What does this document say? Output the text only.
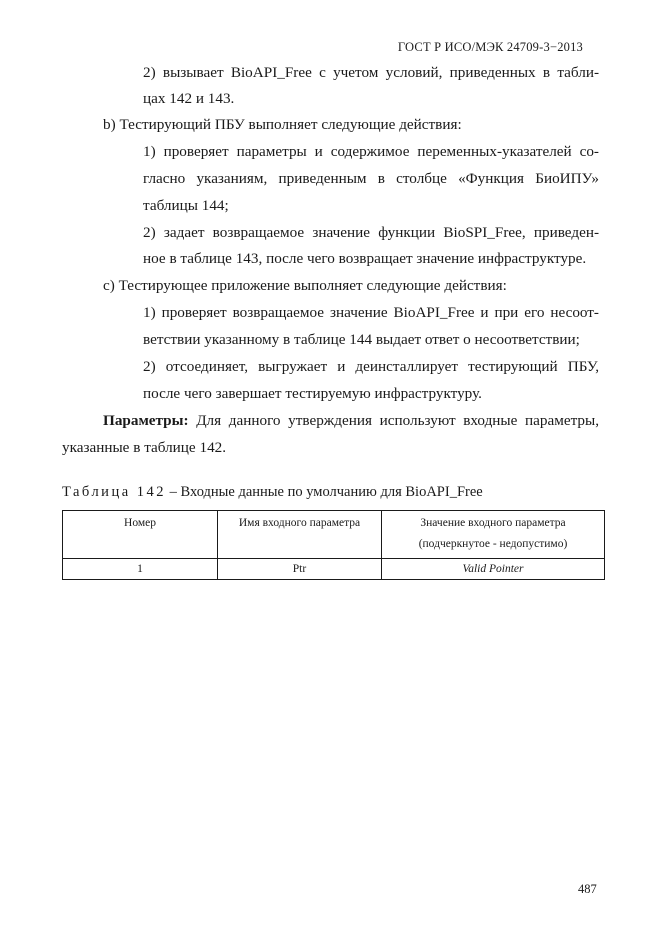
ГОСТ Р ИСО/МЭК 24709-3−2013
2) вызывает BioAPI_Free с учетом условий, приведенных в табли-
цах 142 и 143.
b) Тестирующий ПБУ выполняет следующие действия:
1) проверяет параметры и содержимое переменных-указателей со-
гласно указаниям, приведенным в столбце «Функция БиоИПУ»
таблицы 144;
2) задает возвращаемое значение функции BioSPI_Free, приведен-
ное в таблице 143, после чего возвращает значение инфраструктуре.
с) Тестирующее приложение выполняет следующие действия:
1) проверяет возвращаемое значение BioAPI_Free и при его несоот-
ветствии указанному в таблице 144 выдает ответ о несоответствии;
2) отсоединяет, выгружает и деинсталлирует тестирующий ПБУ,
после чего завершает тестируемую инфраструктуру.
Параметры: Для данного утверждения используют входные параметры,
указанные в таблице 142.
Таблица 142 – Входные данные по умолчанию для BioAPI_Free
Номер	Имя входного параметра	Значение входного параметра
(подчеркнутое - недопустимо)
1	Ptr	Valid Pointer
487
